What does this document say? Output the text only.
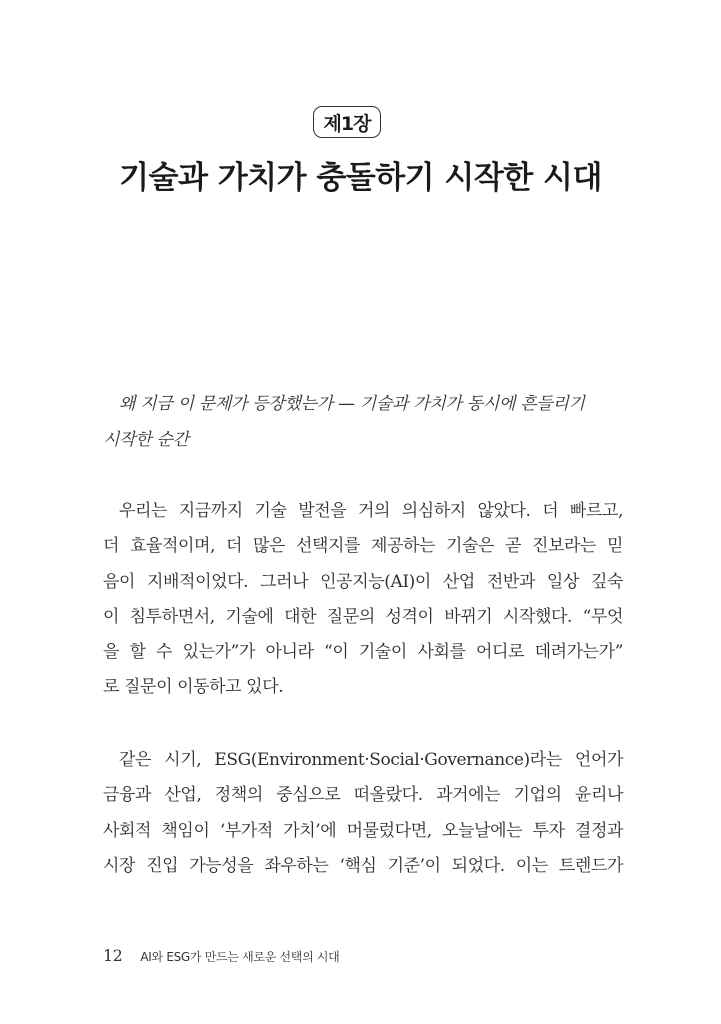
제1장
기술과 가치가 충돌하기 시작한 시대
왜 지금 이 문제가 등장했는가 — 기술과 가치가 동시에 흔들리기
시작한 순간
우리는 지금까지 기술 발전을 거의 의심하지 않았다. 더 빠르고,
더 효율적이며, 더 많은 선택지를 제공하는 기술은 곧 진보라는 믿
음이 지배적이었다. 그러나 인공지능(AI)이 산업 전반과 일상 깊숙
이 침투하면서, 기술에 대한 질문의 성격이 바뀌기 시작했다. “무엇
을 할 수 있는가”가 아니라 “이 기술이 사회를 어디로 데려가는가”
로 질문이 이동하고 있다.
같은 시기, ESG(Environment·Social·Governance)라는 언어가
금융과 산업, 정책의 중심으로 떠올랐다. 과거에는 기업의 윤리나
사회적 책임이 ‘부가적 가치’에 머물렀다면, 오늘날에는 투자 결정과
시장 진입 가능성을 좌우하는 ‘핵심 기준’이 되었다. 이는 트렌드가
12 AI와 ESG가 만드는 새로운 선택의 시대
